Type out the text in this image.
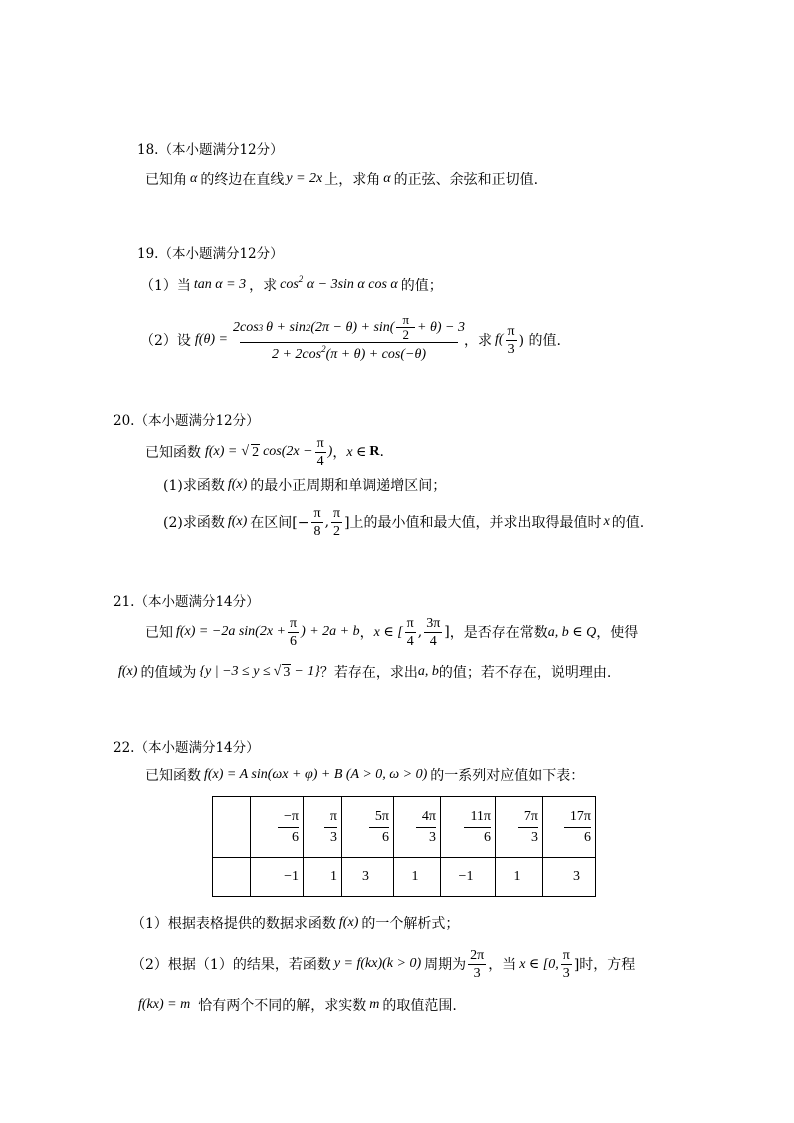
18.（本小题满分12分）
已知角 α 的终边在直线 y = 2x 上，求角 α 的正弦、余弦和正切值.
19.（本小题满分12分）
（1）当 tan α = 3 ，求 $\cos^2 \alpha - 3\sin$ α cos α 的值；
（2）设 f(θ) =
2cos 3 θ + sin 2 $(2\pi - \theta) + \sin( \frac{\pi}{2} + \theta) - 3$
$2 + 2\cos^2(\pi + \theta) + \cos(-\theta)$
，求 $f( \frac{\pi}{3}$ ) 的值.
20.（本小题满分12分）
已知函数 f(x) = √ 2 $\cos(2x - \frac{\pi}{4}$ ) ， x ∈ R .
(1)求函数 f(x) 的最小正周期和单调递增区间；
(2)求函数 f(x) 在区间[− $\frac{\pi}{8}$ , $\frac{\pi}{2}$ ]上的最小值和最大值，并求出取得最值时 x 的值.
21.（本小题满分14分）
已知 f(x) = −2a $\sin(2x + \frac{\pi}{6}$ ) + 2a + b ， x ∈ [ $\frac{\pi}{4}$ , $\frac{3\pi}{4}$ ] ，是否存在常数 a, b ∈ Q ，使得
f(x) 的值域为 {y | −3 ≤ y ≤ √ 3 − 1} ？若存在，求出 a, b 的值；若不存在，说明理由.
22.（本小题满分14分）
已知函数 f(x) = A sin(ωx + φ) + B (A > 0, ω > 0) 的一系列对应值如下表：
x	$\frac{-\pi}{6}$	$\frac{\pi}{3}$	$\frac{5\pi}{6}$	$\frac{4\pi}{3}$	$\frac{11\pi}{6}$	$\frac{7\pi}{3}$	$\frac{17\pi}{6}$

y	−1	1	3	1	−1	1	3
（1）根据表格提供的数据求函数 f(x) 的一个解析式；
（2）根据（1）的结果，若函数 y = f(kx)(k > 0) 周期为 $\frac{2\pi}{3}$ ，当 x ∈ [0, $\frac{\pi}{3}$ ]时，方程
f(kx) = m 恰有两个不同的解，求实数 m 的取值范围.
